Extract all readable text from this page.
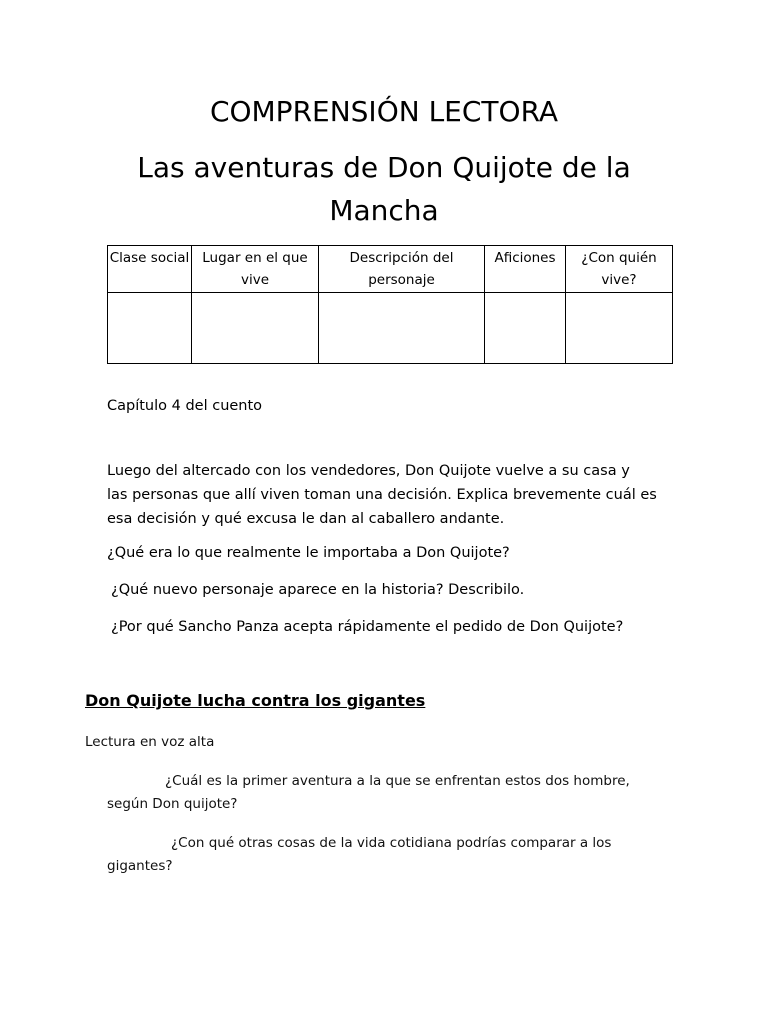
COMPRENSIÓN LECTORA
Las aventuras de Don Quijote de la
Mancha
Clase social	Lugar en el que vive	Descripción del personaje	Aficiones	¿Con quién vive?

Capítulo 4 del cuento
Luego del altercado con los vendedores, Don Quijote vuelve a su casa y
las personas que allí viven toman una decisión. Explica brevemente cuál es
esa decisión y qué excusa le dan al caballero andante.
¿Qué era lo que realmente le importaba a Don Quijote?
¿Qué nuevo personaje aparece en la historia? Describilo.
¿Por qué Sancho Panza acepta rápidamente el pedido de Don Quijote?
Don Quijote lucha contra los gigantes
Lectura en voz alta
¿Cuál es la primer aventura a la que se enfrentan estos dos hombre,
según Don quijote?
¿Con qué otras cosas de la vida cotidiana podrías comparar a los
gigantes?
